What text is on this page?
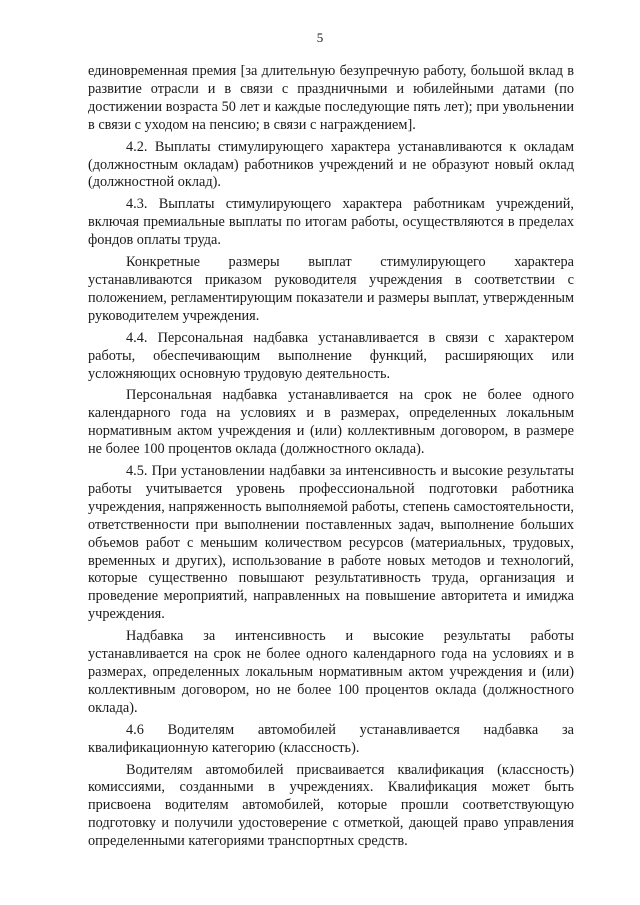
5

единовременная премия [за длительную безупречную работу, большой вклад в развитие отрасли и в связи с праздничными и юбилейными датами (по достижении возраста 50 лет и каждые последующие пять лет); при увольнении в связи с уходом на пенсию; в связи с награждением].

4.2. Выплаты стимулирующего характера устанавливаются к окладам (должностным окладам) работников учреждений и не образуют новый оклад (должностной оклад).

4.3. Выплаты стимулирующего характера работникам учреждений, включая премиальные выплаты по итогам работы, осуществляются в пределах фондов оплаты труда.

Конкретные размеры выплат стимулирующего характера устанавливаются приказом руководителя учреждения в соответствии с положением, регламентирующим показатели и размеры выплат, утвержденным руководителем учреждения.

4.4. Персональная надбавка устанавливается в связи с характером работы, обеспечивающим выполнение функций, расширяющих или усложняющих основную трудовую деятельность.

Персональная надбавка устанавливается на срок не более одного календарного года на условиях и в размерах, определенных локальным нормативным актом учреждения и (или) коллективным договором, в размере не более 100 процентов оклада (должностного оклада).

4.5. При установлении надбавки за интенсивность и высокие результаты работы учитывается уровень профессиональной подготовки работника учреждения, напряженность выполняемой работы, степень самостоятельности, ответственности при выполнении поставленных задач, выполнение больших объемов работ с меньшим количеством ресурсов (материальных, трудовых, временных и других), использование в работе новых методов и технологий, которые существенно повышают результативность труда, организация и проведение мероприятий, направленных на повышение авторитета и имиджа учреждения.

Надбавка за интенсивность и высокие результаты работы устанавливается на срок не более одного календарного года на условиях и в размерах, определенных локальным нормативным актом учреждения и (или) коллективным договором, но не более 100 процентов оклада (должностного оклада).

4.6 Водителям автомобилей устанавливается надбавка за квалификационную категорию (классность).

Водителям автомобилей присваивается квалификация (классность) комиссиями, созданными в учреждениях. Квалификация может быть присвоена водителям автомобилей, которые прошли соответствующую подготовку и получили удостоверение с отметкой, дающей право управления определенными категориями транспортных средств.
